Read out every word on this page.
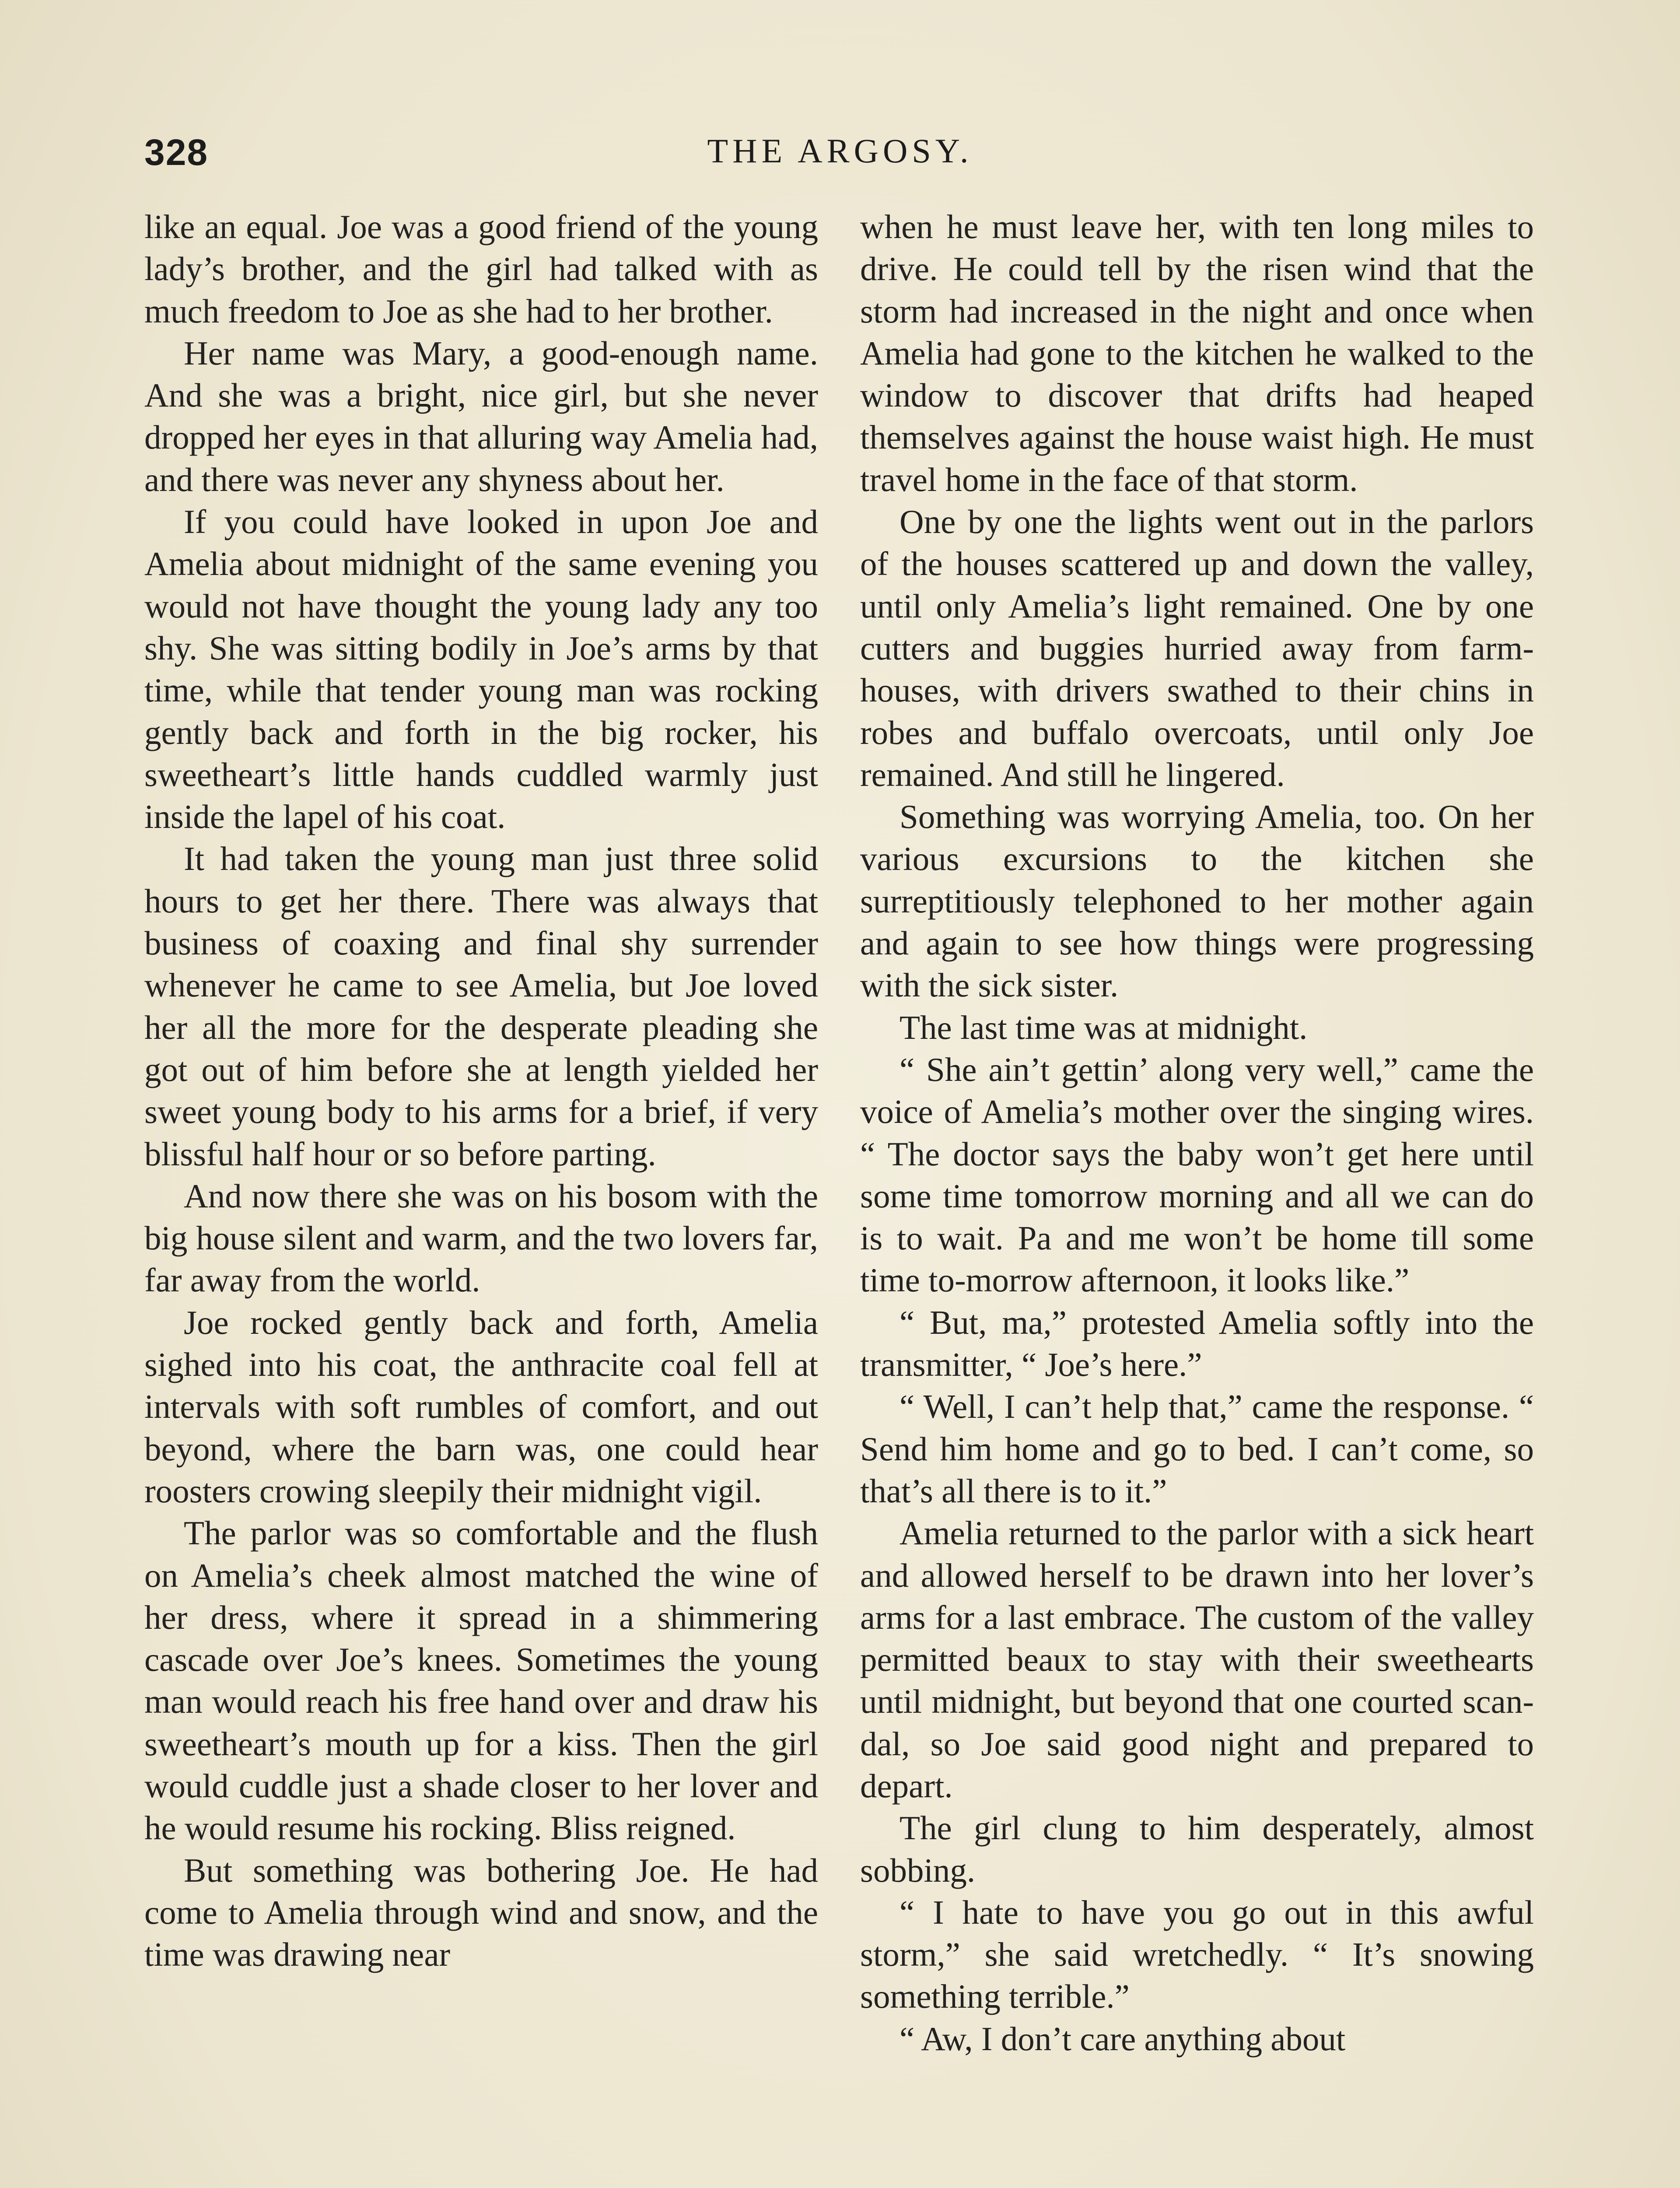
328	THE ARGOSY.

like an equal. Joe was a good friend of the young lady’s brother, and the girl had talked with as much freedom to Joe as she had to her brother.

Her name was Mary, a good-enough name. And she was a bright, nice girl, but she never dropped her eyes in that alluring way Amelia had, and there was never any shyness about her.

If you could have looked in upon Joe and Amelia about midnight of the same evening you would not have thought the young lady any too shy. She was sitting bodily in Joe’s arms by that time, while that tender young man was rocking gently back and forth in the big rocker, his sweetheart’s little hands cuddled warmly just inside the lapel of his coat.

It had taken the young man just three solid hours to get her there. There was always that business of coaxing and final shy surrender whenever he came to see Amelia, but Joe loved her all the more for the desperate pleading she got out of him before she at length yielded her sweet young body to his arms for a brief, if very blissful half hour or so before parting.

And now there she was on his bosom with the big house silent and warm, and the two lovers far, far away from the world.

Joe rocked gently back and forth, Amelia sighed into his coat, the anthracite coal fell at intervals with soft rumbles of comfort, and out beyond, where the barn was, one could hear roosters crowing sleepily their midnight vigil.

The parlor was so comfortable and the flush on Amelia’s cheek almost matched the wine of her dress, where it spread in a shimmering cascade over Joe’s knees. Sometimes the young man would reach his free hand over and draw his sweetheart’s mouth up for a kiss. Then the girl would cuddle just a shade closer to her lover and he would resume his rocking. Bliss reigned.

But something was bothering Joe. He had come to Amelia through wind and snow, and the time was drawing near

when he must leave her, with ten long miles to drive. He could tell by the risen wind that the storm had increased in the night and once when Amelia had gone to the kitchen he walked to the window to discover that drifts had heaped themselves against the house waist high. He must travel home in the face of that storm.

One by one the lights went out in the parlors of the houses scattered up and down the valley, until only Amelia’s light remained. One by one cutters and buggies hurried away from farm-houses, with drivers swathed to their chins in robes and buffalo overcoats, until only Joe remained. And still he lingered.

Something was worrying Amelia, too. On her various excursions to the kitchen she surreptitiously telephoned to her mother again and again to see how things were progressing with the sick sister.

The last time was at midnight.

“ She ain’t gettin’ along very well,” came the voice of Amelia’s mother over the singing wires. “ The doctor says the baby won’t get here until some time tomorrow morning and all we can do is to wait. Pa and me won’t be home till some time to-morrow afternoon, it looks like.”

“ But, ma,” protested Amelia softly into the transmitter, “ Joe’s here.”

“ Well, I can’t help that,” came the response. “ Send him home and go to bed. I can’t come, so that’s all there is to it.”

Amelia returned to the parlor with a sick heart and allowed herself to be drawn into her lover’s arms for a last embrace. The custom of the valley permitted beaux to stay with their sweethearts until midnight, but beyond that one courted scandal, so Joe said good night and prepared to depart.

The girl clung to him desperately, almost sobbing.

“ I hate to have you go out in this awful storm,” she said wretchedly. “ It’s snowing something terrible.”

“ Aw, I don’t care anything about
